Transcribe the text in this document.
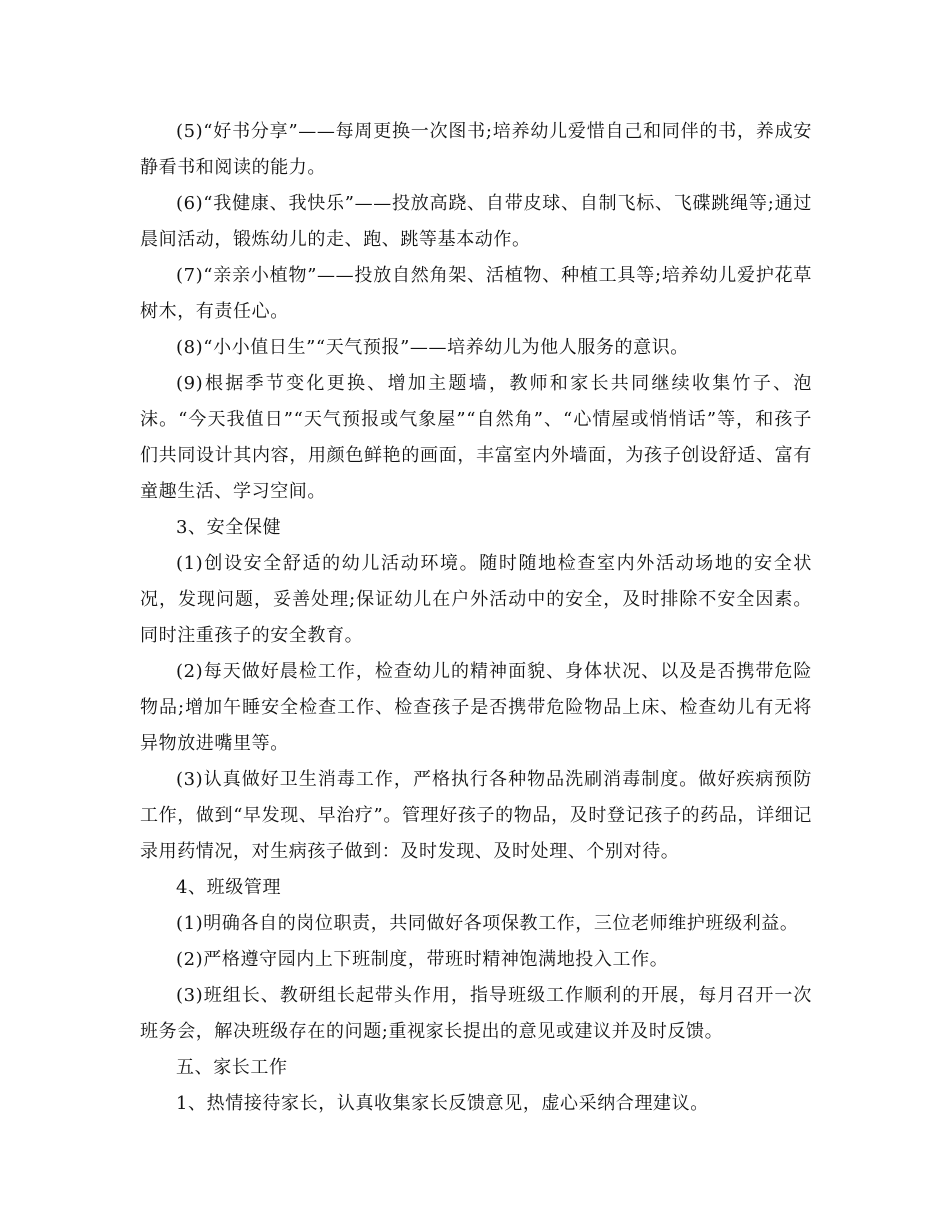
(5)“好书分享”——每周更换一次图书;培养幼儿爱惜自己和同伴的书，养成安静看书和阅读的能力。

(6)“我健康、我快乐”——投放高跷、自带皮球、自制飞标、飞碟跳绳等;通过晨间活动，锻炼幼儿的走、跑、跳等基本动作。

(7)“亲亲小植物”——投放自然角架、活植物、种植工具等;培养幼儿爱护花草树木，有责任心。

(8)“小小值日生”“天气预报”——培养幼儿为他人服务的意识。

(9)根据季节变化更换、增加主题墙，教师和家长共同继续收集竹子、泡沫。“今天我值日”“天气预报或气象屋”“自然角”、“心情屋或悄悄话”等，和孩子们共同设计其内容，用颜色鲜艳的画面，丰富室内外墙面，为孩子创设舒适、富有童趣生活、学习空间。

3、安全保健

(1)创设安全舒适的幼儿活动环境。随时随地检查室内外活动场地的安全状况，发现问题，妥善处理;保证幼儿在户外活动中的安全，及时排除不安全因素。同时注重孩子的安全教育。

(2)每天做好晨检工作，检查幼儿的精神面貌、身体状况、以及是否携带危险物品;增加午睡安全检查工作、检查孩子是否携带危险物品上床、检查幼儿有无将异物放进嘴里等。

(3)认真做好卫生消毒工作，严格执行各种物品洗刷消毒制度。做好疾病预防工作，做到“早发现、早治疗”。管理好孩子的物品，及时登记孩子的药品，详细记录用药情况，对生病孩子做到：及时发现、及时处理、个别对待。

4、班级管理

(1)明确各自的岗位职责，共同做好各项保教工作，三位老师维护班级利益。

(2)严格遵守园内上下班制度，带班时精神饱满地投入工作。

(3)班组长、教研组长起带头作用，指导班级工作顺利的开展，每月召开一次班务会，解决班级存在的问题;重视家长提出的意见或建议并及时反馈。

五、家长工作

1、热情接待家长，认真收集家长反馈意见，虚心采纳合理建议。
